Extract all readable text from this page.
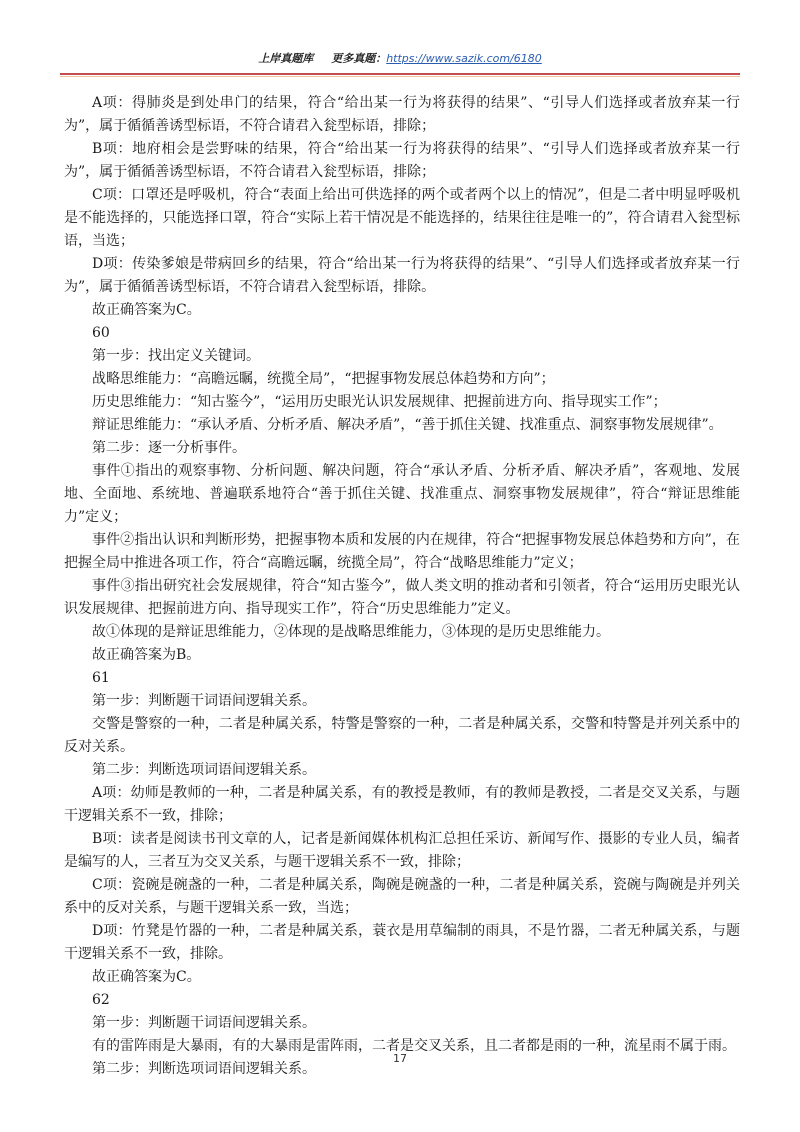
上岸真题库 更多真题：https://www.sazik.com/6180

A项：得肺炎是到处串门的结果，符合“给出某一行为将获得的结果”、“引导人们选择或者放弃某一行为”，属于循循善诱型标语，不符合请君入瓮型标语，排除；

B项：地府相会是尝野味的结果，符合“给出某一行为将获得的结果”、“引导人们选择或者放弃某一行为”，属于循循善诱型标语，不符合请君入瓮型标语，排除；

C项：口罩还是呼吸机，符合“表面上给出可供选择的两个或者两个以上的情况”，但是二者中明显呼吸机是不能选择的，只能选择口罩，符合“实际上若干情况是不能选择的，结果往往是唯一的”，符合请君入瓮型标语，当选；

D项：传染爹娘是带病回乡的结果，符合“给出某一行为将获得的结果”、“引导人们选择或者放弃某一行为”，属于循循善诱型标语，不符合请君入瓮型标语，排除。

故正确答案为C。

60

第一步：找出定义关键词。

战略思维能力：“高瞻远瞩，统揽全局”，“把握事物发展总体趋势和方向”；

历史思维能力：“知古鉴今”，“运用历史眼光认识发展规律、把握前进方向、指导现实工作”；

辩证思维能力：“承认矛盾、分析矛盾、解决矛盾”，“善于抓住关键、找准重点、洞察事物发展规律”。

第二步：逐一分析事件。

事件①指出的观察事物、分析问题、解决问题，符合“承认矛盾、分析矛盾、解决矛盾”，客观地、发展地、全面地、系统地、普遍联系地符合“善于抓住关键、找准重点、洞察事物发展规律”，符合“辩证思维能力”定义；

事件②指出认识和判断形势，把握事物本质和发展的内在规律，符合“把握事物发展总体趋势和方向”，在把握全局中推进各项工作，符合“高瞻远瞩，统揽全局”，符合“战略思维能力”定义；

事件③指出研究社会发展规律，符合“知古鉴今”，做人类文明的推动者和引领者，符合“运用历史眼光认识发展规律、把握前进方向、指导现实工作”，符合“历史思维能力”定义。

故①体现的是辩证思维能力，②体现的是战略思维能力，③体现的是历史思维能力。

故正确答案为B。

61

第一步：判断题干词语间逻辑关系。

交警是警察的一种，二者是种属关系，特警是警察的一种，二者是种属关系，交警和特警是并列关系中的反对关系。

第二步：判断选项词语间逻辑关系。

A项：幼师是教师的一种，二者是种属关系，有的教授是教师，有的教师是教授，二者是交叉关系，与题干逻辑关系不一致，排除；

B项：读者是阅读书刊文章的人，记者是新闻媒体机构汇总担任采访、新闻写作、摄影的专业人员，编者是编写的人，三者互为交叉关系，与题干逻辑关系不一致，排除；

C项：瓷碗是碗盏的一种，二者是种属关系，陶碗是碗盏的一种，二者是种属关系，瓷碗与陶碗是并列关系中的反对关系，与题干逻辑关系一致，当选；

D项：竹凳是竹器的一种，二者是种属关系，蓑衣是用草编制的雨具，不是竹器，二者无种属关系，与题干逻辑关系不一致，排除。

故正确答案为C。

62

第一步：判断题干词语间逻辑关系。

有的雷阵雨是大暴雨，有的大暴雨是雷阵雨，二者是交叉关系，且二者都是雨的一种，流星雨不属于雨。

第二步：判断选项词语间逻辑关系。

17
